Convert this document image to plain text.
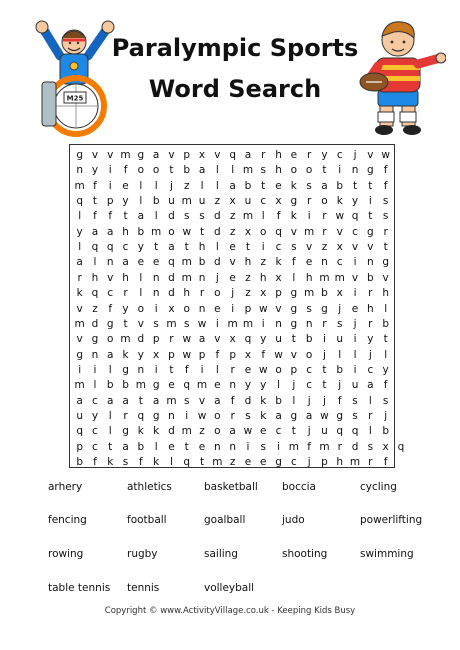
Paralympic Sports
Word Search
M25
g v v m g a v p x v q a r h e r y c	j	v w
n y	i	f o o t b a	l	l m s h o o t	i	n g f
m f	i	e	l	l	j	z	l	l	a b t e k s a b t	t	f
q t p y	l	b u m u z x u c x g r o k y	i	s
l	f	f	t a	l	d s s d z m l	f k	i	r w q t	s
y a a h b m o w t d z x o q v m r v c g r
l	q q c y t a t h	l	e t	i	c s v z x v v t
a	l	n a e e q m b d v h z k f e n c	i	n g
r h v h	l	n d m n	j	e z h x	l	h m m v b v
k q c r	l	n d h r o	j	z x p g m b x	i	r h
v z	f y o	i	x o n e	i	p w v g s g	j	e h	l
m d g t v s m s w i m m i	n g n r s	j	r b
v g o m d p r w a v x q y u t b	i	u	i	y t
g n a k y x p w p f p x f w v o	j	l	l	j	l
i	i	l	g n	i	t	f	i	l	r e w o p c t b	i	c y
m l	b b m g e q m e n y y	l	j	c t	j	u a f
a c a a t a m s v a f d k b	l	j	j	f	s	l	s
u y	l	r q g n	i w o r s k a g a w g s r	j
q c	l	g k k d m z o a w e c t	j	u q q	l	b
p c t a b	l	e t e n n	i	s	i m f m r d s x q
b f k s	f k	l	q t m z e e g c	j	p h m r	f
arhery	athletics	basketball boccia	cycling
fencing	football	goalball	judo	powerlifting
rowing	rugby	sailing	shooting	swimming
table tennis tennis	volleyball
Copyright © www.ActivityVillage.co.uk - Keeping Kids Busy
